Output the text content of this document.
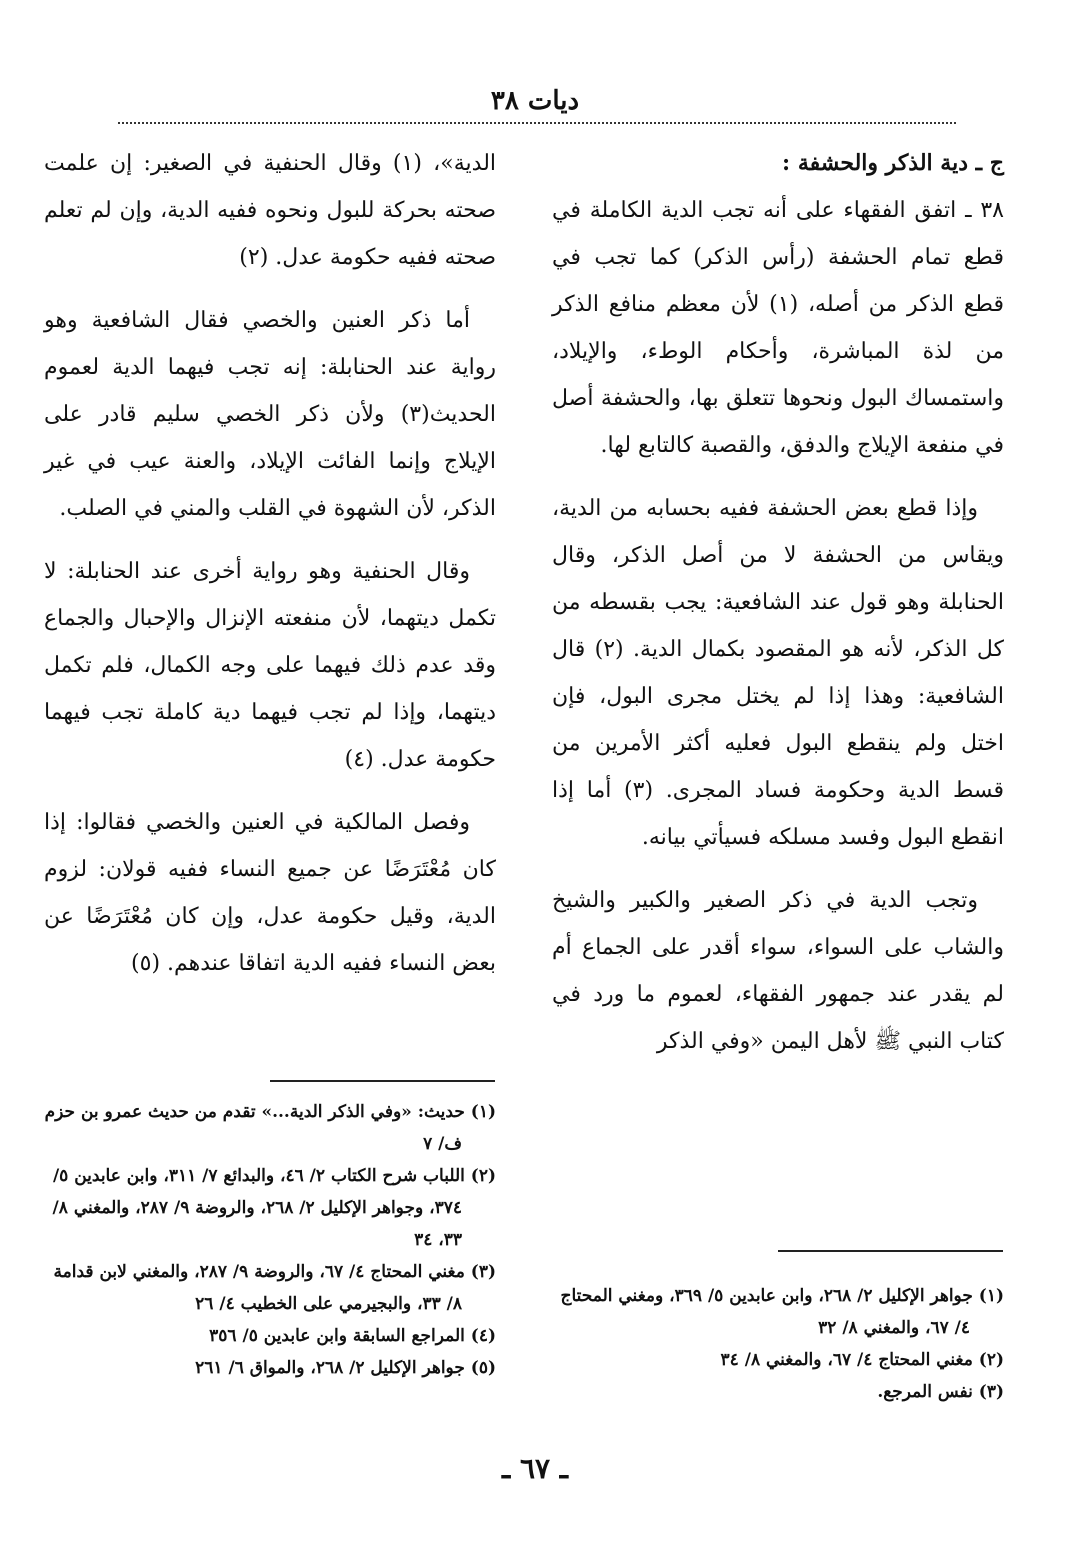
ديات ٣٨
ج ـ دية الذكر والحشفة :

٣٨ ـ اتفق الفقهاء على أنه تجب الدية الكاملة في قطع تمام الحشفة (رأس الذكر) كما تجب في قطع الذكر من أصله، (١) لأن معظم منافع الذكر من لذة المباشرة، وأحكام الوطء، والإيلاد، واستمساك البول ونحوها تتعلق بها، والحشفة أصل في منفعة الإيلاج والدفق، والقصبة كالتابع لها.

وإذا قطع بعض الحشفة ففيه بحسابه من الدية، ويقاس من الحشفة لا من أصل الذكر، وقال الحنابلة وهو قول عند الشافعية: يجب بقسطه من كل الذكر، لأنه هو المقصود بكمال الدية. (٢) قال الشافعية: وهذا إذا لم يختل مجرى البول، فإن اختل ولم ينقطع البول فعليه أكثر الأمرين من قسط الدية وحكومة فساد المجرى. (٣) أما إذا انقطع البول وفسد مسلكه فسيأتي بيانه.

وتجب الدية في ذكر الصغير والكبير والشيخ والشاب على السواء، سواء أقدر على الجماع أم لم يقدر عند جمهور الفقهاء، لعموم ما ورد في كتاب النبي ﷺ لأهل اليمن «وفي الذكر

الدية»، (١) وقال الحنفية في الصغير: إن علمت صحته بحركة للبول ونحوه ففيه الدية، وإن لم تعلم صحته ففيه حكومة عدل. (٢)

أما ذكر العنين والخصي فقال الشافعية وهو رواية عند الحنابلة: إنه تجب فيهما الدية لعموم الحديث(٣) ولأن ذكر الخصي سليم قادر على الإيلاج وإنما الفائت الإيلاد، والعنة عيب في غير الذكر، لأن الشهوة في القلب والمني في الصلب.

وقال الحنفية وهو رواية أخرى عند الحنابلة: لا تكمل ديتهما، لأن منفعته الإنزال والإحبال والجماع وقد عدم ذلك فيهما على وجه الكمال، فلم تكمل ديتهما، وإذا لم تجب فيهما دية كاملة تجب فيهما حكومة عدل. (٤)

وفصل المالكية في العنين والخصي فقالوا: إذا كان مُعْتَرَضًا عن جميع النساء ففيه قولان: لزوم الدية، وقيل حكومة عدل، وإن كان مُعْتَرَضًا عن بعض النساء ففيه الدية اتفاقا عندهم. (٥)

(١) جواهر الإكليل ٢/ ٢٦٨، وابن عابدين ٥/ ٣٦٩، ومغني المحتاج ٤/ ٦٧، والمغني ٨/ ٣٢

(٢) مغني المحتاج ٤/ ٦٧، والمغني ٨/ ٣٤

(٣) نفس المرجع.

(١) حديث: «وفي الذكر الدية...» تقدم من حديث عمرو بن حزم ف/ ٧

(٢) اللباب شرح الكتاب ٢/ ٤٦، والبدائع ٧/ ٣١١، وابن عابدين ٥/ ٣٧٤، وجواهر الإكليل ٢/ ٢٦٨، والروضة ٩/ ٢٨٧، والمغني ٨/ ٣٣، ٣٤

(٣) مغني المحتاج ٤/ ٦٧، والروضة ٩/ ٢٨٧، والمغني لابن قدامة ٨/ ٣٣، والبجيرمي على الخطيب ٤/ ٢٦

(٤) المراجع السابقة وابن عابدين ٥/ ٣٥٦

(٥) جواهر الإكليل ٢/ ٢٦٨، والمواق ٦/ ٢٦١

ـ ٦٧ ـ
